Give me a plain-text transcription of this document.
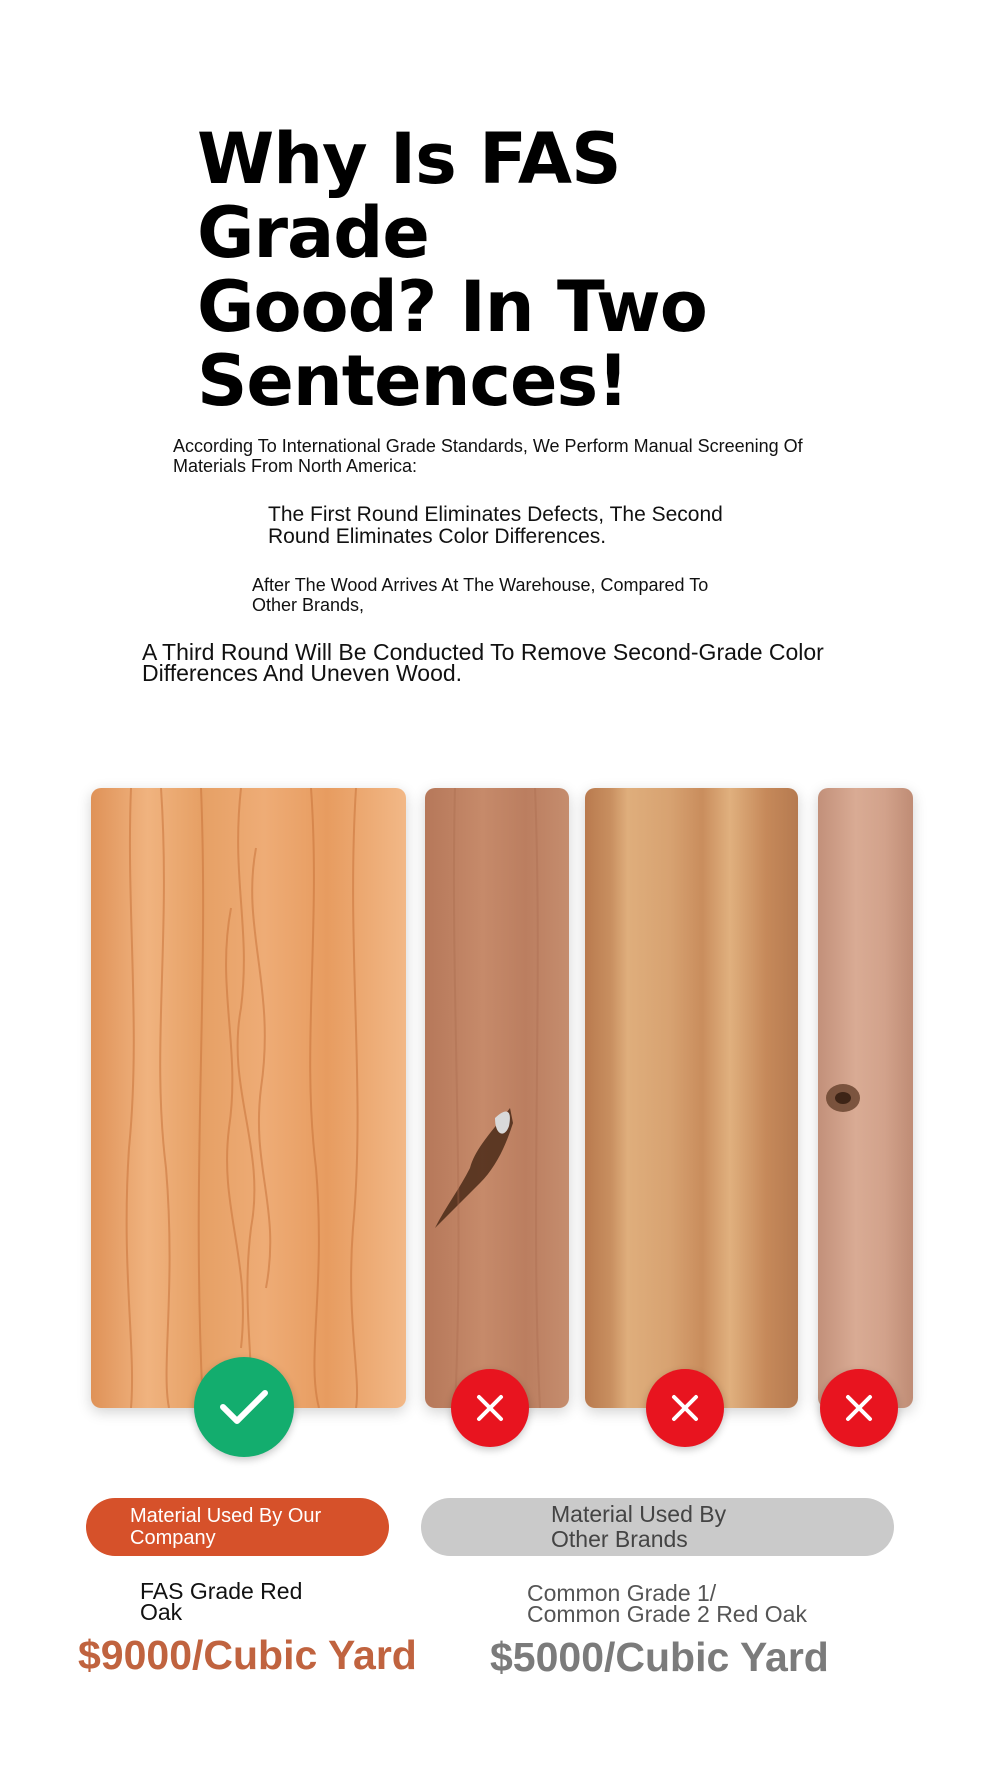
Why Is FAS Grade
Good? In Two
Sentences!
According To International Grade Standards, We Perform Manual Screening Of
Materials From North America:
The First Round Eliminates Defects, The Second
Round Eliminates Color Differences.
After The Wood Arrives At The Warehouse, Compared To
Other Brands,
A Third Round Will Be Conducted To Remove Second-Grade Color
Differences And Uneven Wood.
Material Used By Our
Company
Material Used By
Other Brands
FAS Grade Red
Oak
Common Grade 1/
Common Grade 2 Red Oak
$9000/Cubic Yard	$5000/Cubic Yard
